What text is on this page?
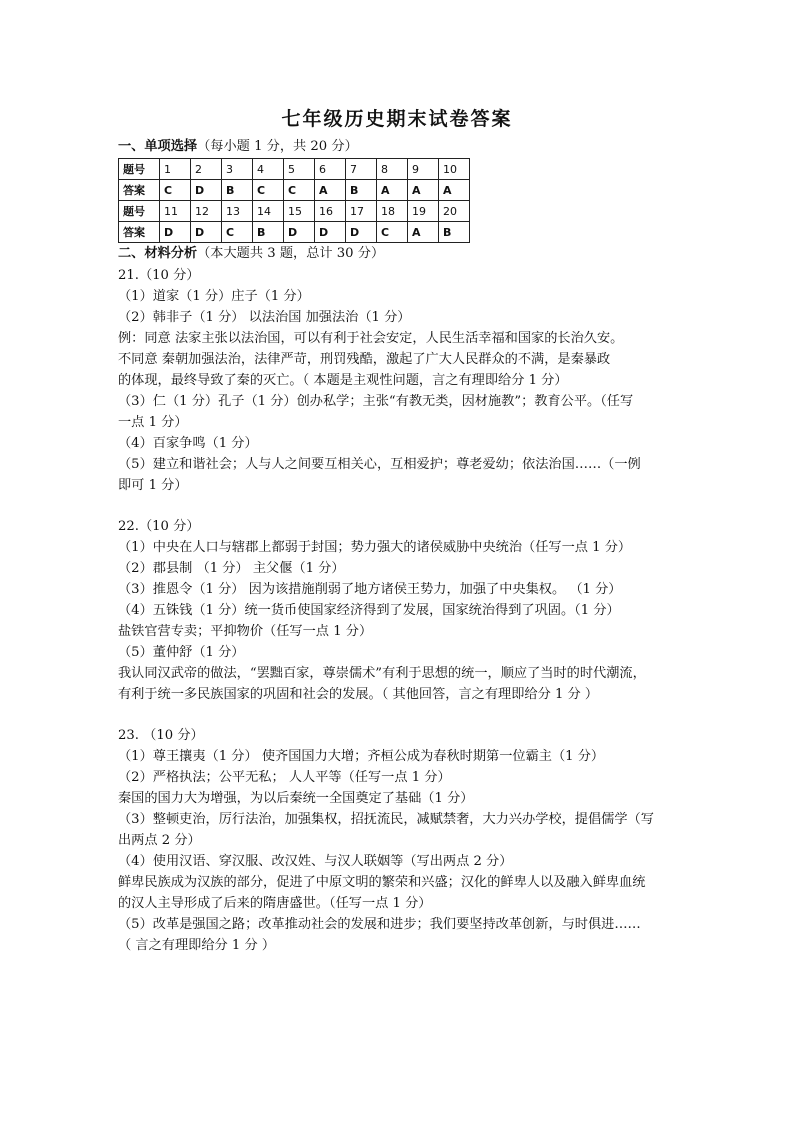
七年级历史期末试卷答案
一、单项选择（每小题 1 分，共 20 分）
题号	1	2	3	4	5	6	7	8	9	10
答案	C	D	B	C	C	A	B	A	A	A
题号	11	12	13	14	15	16	17	18	19	20
答案	D	D	C	B	D	D	D	C	A	B
二、材料分析（本大题共 3 题，总计 30 分）
21.（10 分）
（1）道家（1 分）庄子（1 分）
（2）韩非子（1 分） 以法治国 加强法治（1 分）
例：同意 法家主张以法治国，可以有利于社会安定，人民生活幸福和国家的长治久安。
不同意 秦朝加强法治，法律严苛，刑罚残酷，激起了广大人民群众的不满，是秦暴政
的体现，最终导致了秦的灭亡。（ 本题是主观性问题，言之有理即给分 1 分）
（3）仁（1 分）孔子（1 分）创办私学；主张“有教无类，因材施教”；教育公平。（任写
一点 1 分）
（4）百家争鸣（1 分）
（5）建立和谐社会；人与人之间要互相关心，互相爱护；尊老爱幼；依法治国……（一例
即可 1 分）
22.（10 分）
（1）中央在人口与辖郡上都弱于封国；势力强大的诸侯威胁中央统治（任写一点 1 分）
（2）郡县制 （1 分） 主父偃（1 分）
（3）推恩令（1 分） 因为该措施削弱了地方诸侯王势力，加强了中央集权。 （1 分）
（4）五铢钱（1 分）统一货币使国家经济得到了发展，国家统治得到了巩固。（1 分）
盐铁官营专卖；平抑物价（任写一点 1 分）
（5）董仲舒（1 分）
我认同汉武帝的做法，“罢黜百家，尊崇儒术”有利于思想的统一，顺应了当时的时代潮流，
有利于统一多民族国家的巩固和社会的发展。（ 其他回答，言之有理即给分 1 分 ）
23. （10 分）
（1）尊王攘夷（1 分） 使齐国国力大增；齐桓公成为春秋时期第一位霸主（1 分）
（2）严格执法；公平无私； 人人平等（任写一点 1 分）
秦国的国力大为增强，为以后秦统一全国奠定了基础（1 分）
（3）整顿吏治，厉行法治，加强集权，招抚流民，减赋禁奢，大力兴办学校，提倡儒学（写
出两点 2 分）
（4）使用汉语、穿汉服、改汉姓、与汉人联姻等（写出两点 2 分）
鲜卑民族成为汉族的部分，促进了中原文明的繁荣和兴盛；汉化的鲜卑人以及融入鲜卑血统
的汉人主导形成了后来的隋唐盛世。（任写一点 1 分）
（5）改革是强国之路；改革推动社会的发展和进步；我们要坚持改革创新，与时俱进……
（ 言之有理即给分 1 分 ）
